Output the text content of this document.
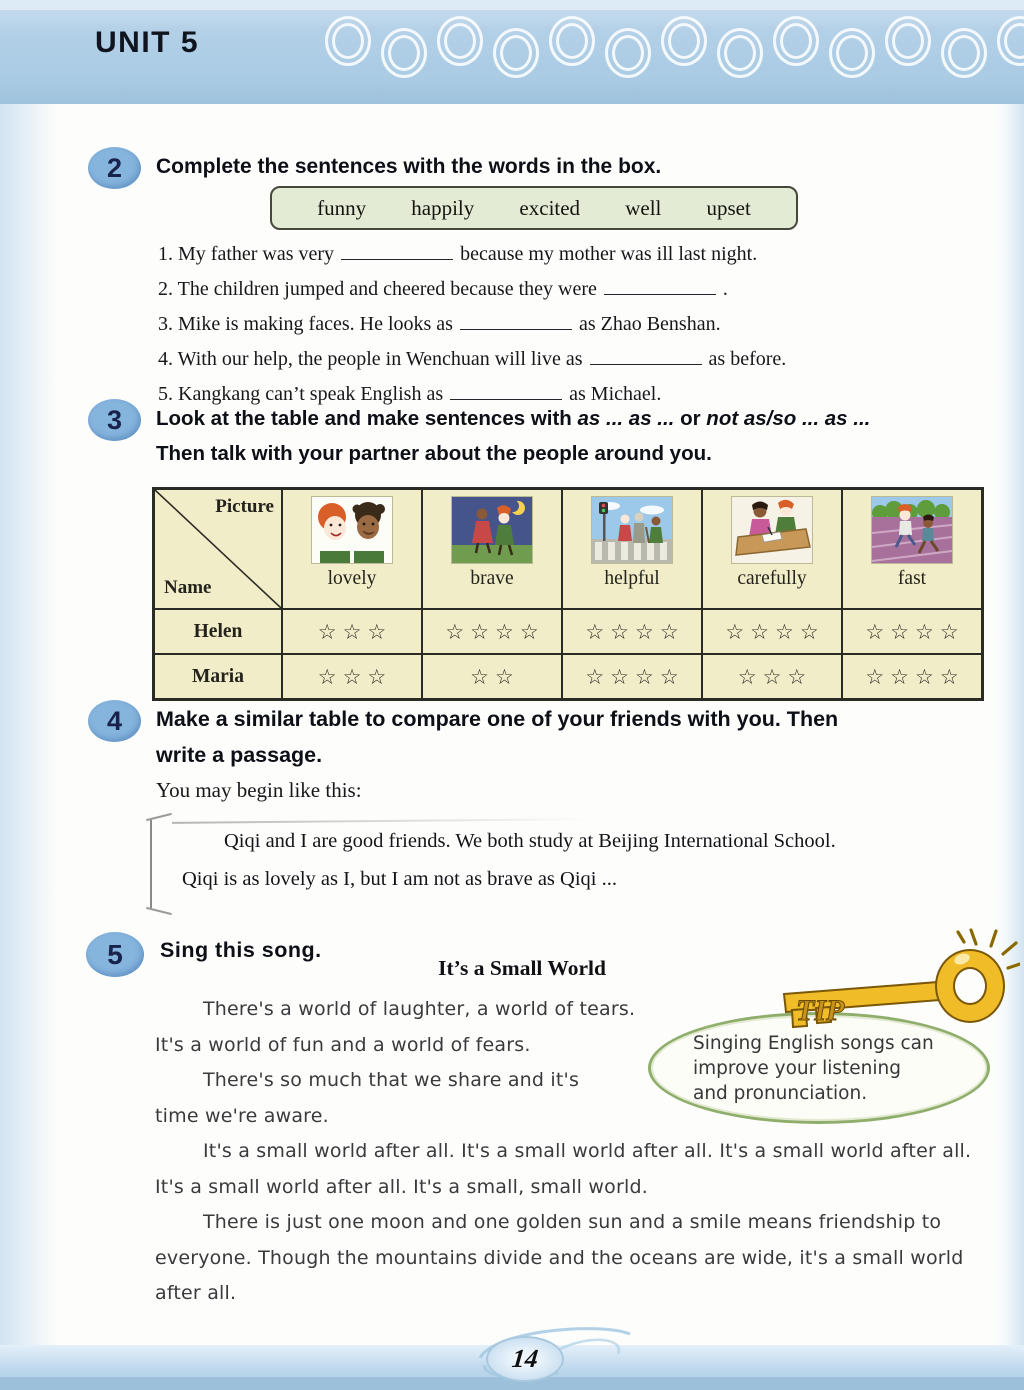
UNIT 5
2 Complete the sentences with the words in the box.
funny happily excited well upset
1. My father was very	because my mother was ill last night.
2. The children jumped and cheered because they were	.
3. Mike is making faces. He looks as	as Zhao Benshan.
4. With our help, the people in Wenchuan will live as	as before.
5. Kangkang can’t speak English as	as Michael.
3 Look at the table and make sentences with as ... as ... or not as/so ... as ...
Then talk with your partner about the people around you.
Picture
Name	lovely	brave	helpful	carefully	fast
Helen	☆☆☆	☆☆☆☆	☆☆☆☆	☆☆☆☆	☆☆☆☆
Maria	☆☆☆	☆☆	☆☆☆☆	☆☆☆	☆☆☆☆
4 Make a similar table to compare one of your friends with you. Then
write a passage.
You may begin like this:
Qiqi and I are good friends. We both study at Beijing International School.
Qiqi is as lovely as I, but I am not as brave as Qiqi ...
5 Sing this song.
It’s a Small World
There's a world of laughter, a world of tears.
It's a world of fun and a world of fears.
There's so much that we share and it's
time we're aware.
It's a small world after all. It's a small world after all. It's a small world after all.
It's a small world after all. It's a small, small world.
There is just one moon and one golden sun and a smile means friendship to
everyone. Though the mountains divide and the oceans are wide, it's a small world
after all.
Singing English songs can
improve your listening
and pronunciation.
TIP
14
